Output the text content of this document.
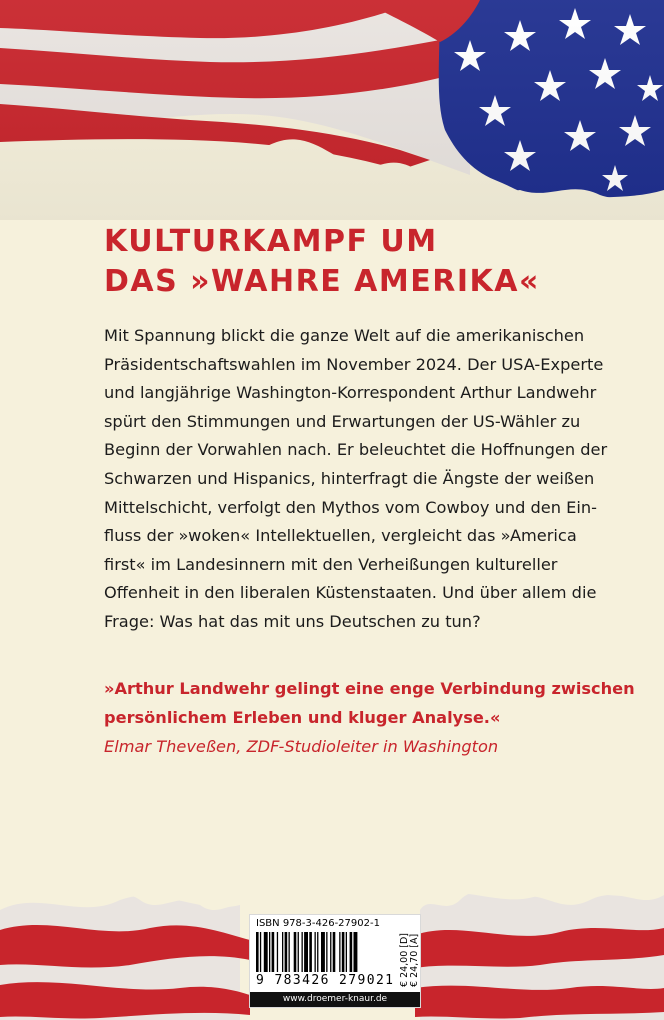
KULTURKAMPF UM
DAS »WAHRE AMERIKA«
Mit Spannung blickt die ganze Welt auf die amerikanischen
Präsidentschaftswahlen im November 2024. Der USA-Experte
und langjährige Washington-Korrespondent Arthur Landwehr
spürt den Stimmungen und Erwartungen der US-Wähler zu
Beginn der Vorwahlen nach. Er beleuchtet die Hoffnungen der
Schwarzen und Hispanics, hinterfragt die Ängste der weißen
Mittelschicht, verfolgt den Mythos vom Cowboy und den Ein-
fluss der »woken« Intellektuellen, vergleicht das »America
first« im Landesinnern mit den Verheißungen kultureller
Offenheit in den liberalen Küstenstaaten. Und über allem die
Frage: Was hat das mit uns Deutschen zu tun?
»Arthur Landwehr gelingt eine enge Verbindung zwischen
persönlichem Erleben und kluger Analyse.«
Elmar Theveßen, ZDF-Studioleiter in Washington
ISBN 978-3-426-27902-1
9 783426 279021 € 24,00 [D] € 24,70 [A]
www.droemer-knaur.de
